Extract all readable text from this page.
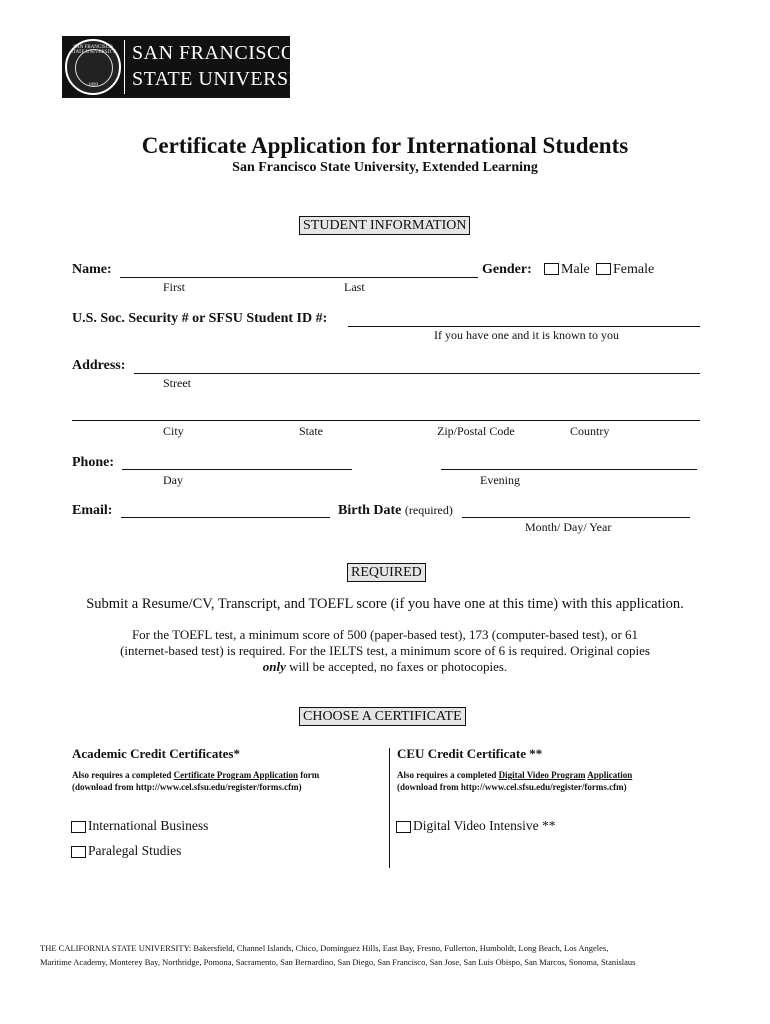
SAN FRANCISCO STATE UNIVERSITY
1899
SAN FRANCISCO
STATE UNIVERSITY
Certificate Application for International Students
San Francisco State University, Extended Learning
STUDENT INFORMATION
Name:
First	Last
Gender: Male Female
U.S. Soc. Security # or SFSU Student ID #:
If you have one and it is known to you
Address:
Street
City	State	Zip/Postal Code	Country
Phone:
Day	Evening
Email:	Birth Date (required)
Month/ Day/ Year
REQUIRED
Submit a Resume/CV, Transcript, and TOEFL score (if you have one at this time) with this application.
For the TOEFL test, a minimum score of 500 (paper-based test), 173 (computer-based test), or 61
(internet-based test) is required. For the IELTS test, a minimum score of 6 is required. Original copies
only will be accepted, no faxes or photocopies.
CHOOSE A CERTIFICATE
Academic Credit Certificates*
Also requires a completed Certificate Program Application form
(download from http://www.cel.sfsu.edu/register/forms.cfm)
International Business
Paralegal Studies
CEU Credit Certificate **
Also requires a completed Digital Video Program Application
(download from http://www.cel.sfsu.edu/register/forms.cfm)
Digital Video Intensive **
THE CALIFORNIA STATE UNIVERSITY: Bakersfield, Channel Islands, Chico, Dominguez Hills, East Bay, Fresno, Fullerton, Humboldt, Long Beach, Los Angeles,
Maritime Academy, Monterey Bay, Northridge, Pomona, Sacramento, San Bernardino, San Diego, San Francisco, San Jose, San Luis Obispo, San Marcos, Sonoma, Stanislaus
